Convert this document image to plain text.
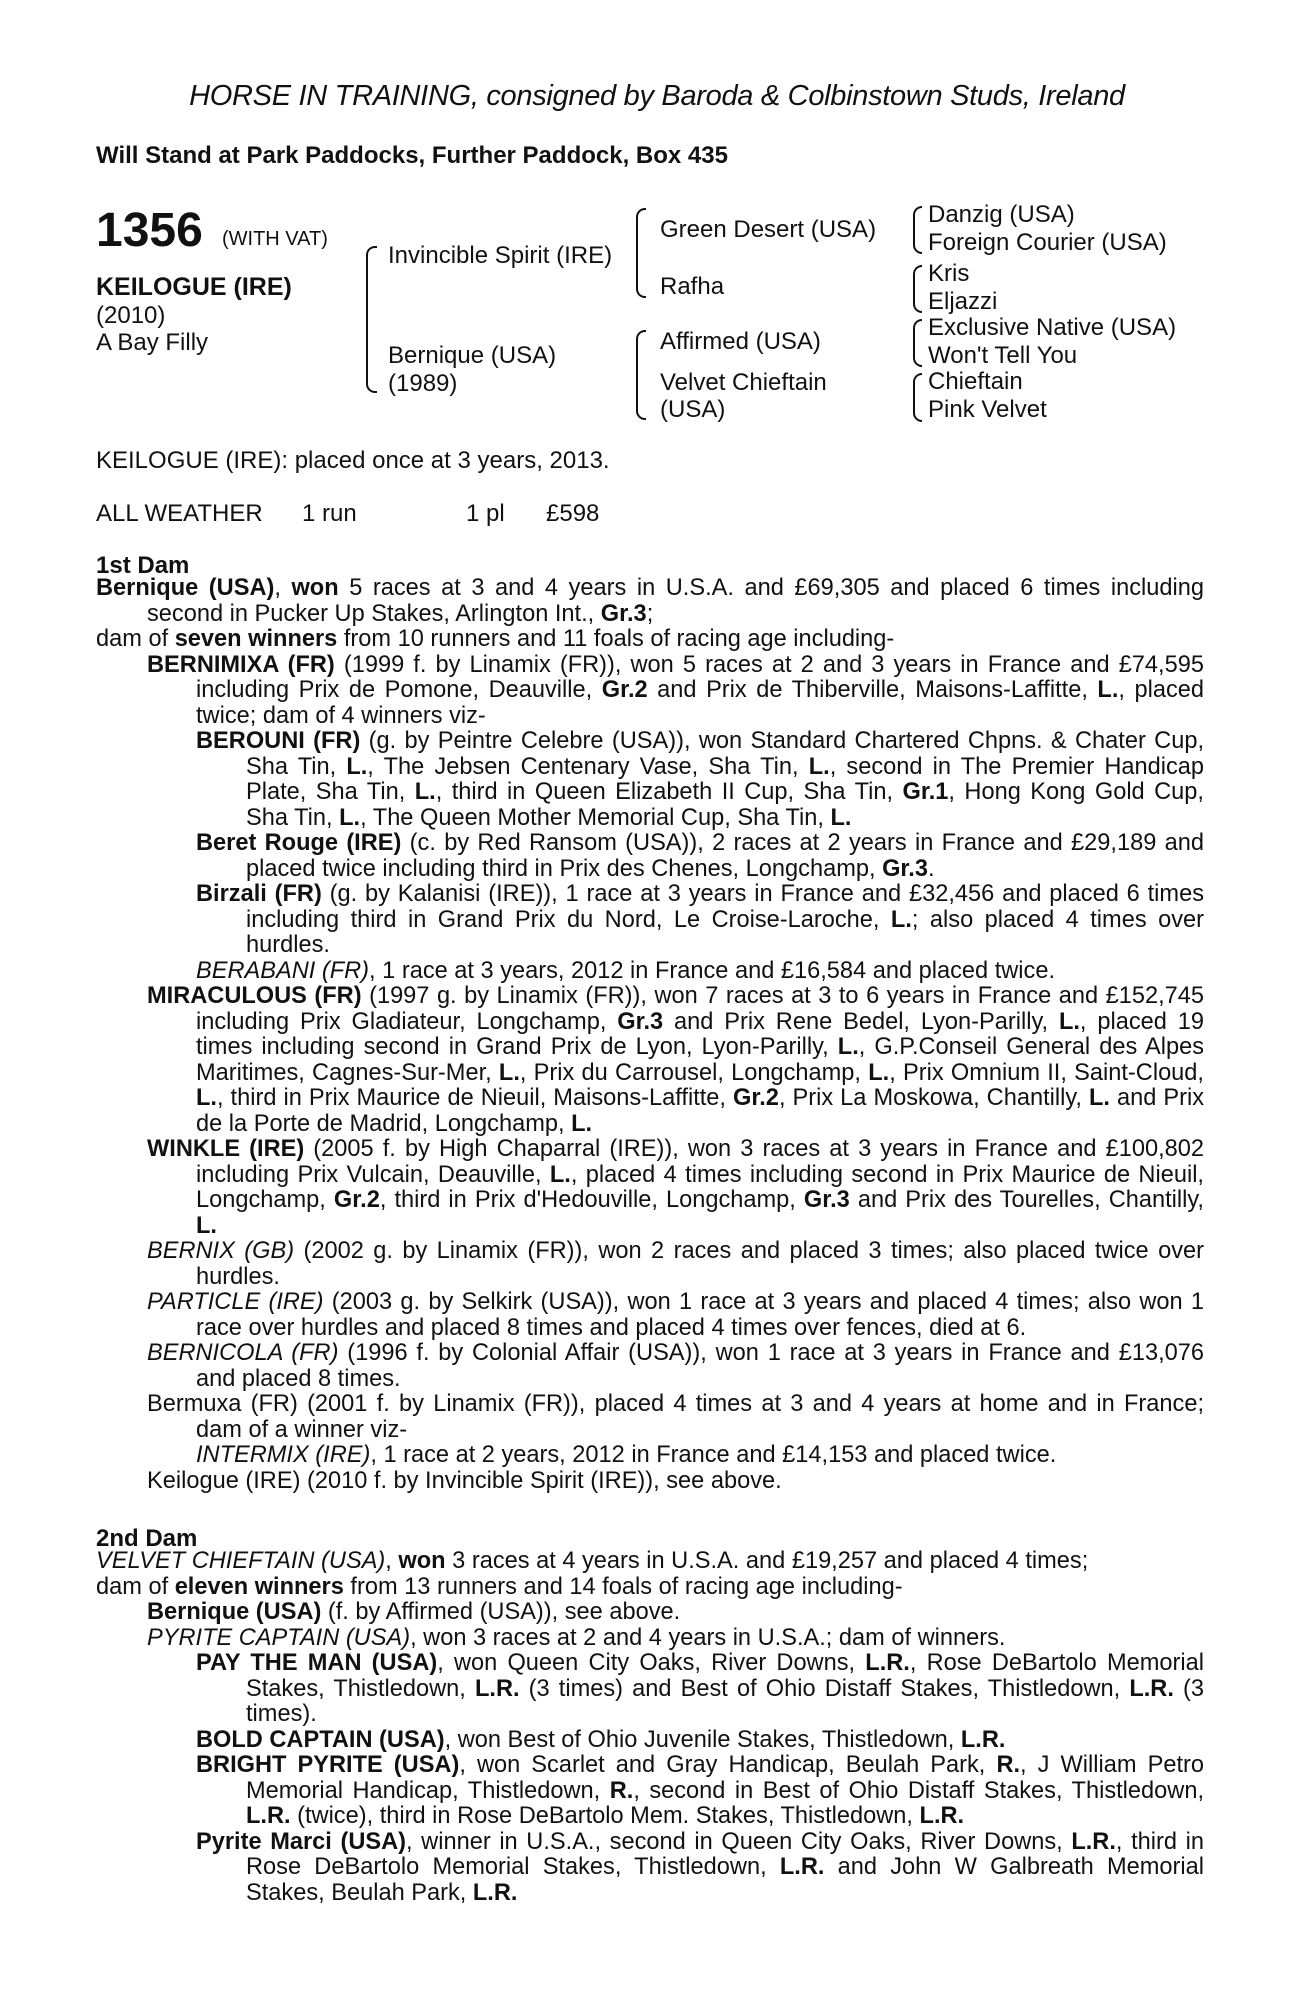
HORSE IN TRAINING, consigned by Baroda & Colbinstown Studs, Ireland
Will Stand at Park Paddocks, Further Paddock, Box 435
1356 (WITH VAT)
KEILOGUE (IRE)
(2010)
A Bay Filly
Invincible Spirit (IRE)
Bernique (USA)
(1989)
Green Desert (USA)
Rafha
Affirmed (USA)
Velvet Chieftain
(USA)
Danzig (USA)
Foreign Courier (USA)
Kris
Eljazzi
Exclusive Native (USA)
Won't Tell You
Chieftain
Pink Velvet
KEILOGUE (IRE): placed once at 3 years, 2013.
ALL WEATHER 1 run	1 pl £598
1st Dam
Bernique (USA), won 5 races at 3 and 4 years in U.S.A. and £69,305 and placed 6 times including second in Pucker Up Stakes, Arlington Int., Gr.3;
dam of seven winners from 10 runners and 11 foals of racing age including-
BERNIMIXA (FR) (1999 f. by Linamix (FR)), won 5 races at 2 and 3 years in France and £74,595 including Prix de Pomone, Deauville, Gr.2 and Prix de Thiberville, Maisons-Laffitte, L., placed twice; dam of 4 winners viz-
BEROUNI (FR) (g. by Peintre Celebre (USA)), won Standard Chartered Chpns. & Chater Cup, Sha Tin, L., The Jebsen Centenary Vase, Sha Tin, L., second in The Premier Handicap Plate, Sha Tin, L., third in Queen Elizabeth II Cup, Sha Tin, Gr.1, Hong Kong Gold Cup, Sha Tin, L., The Queen Mother Memorial Cup, Sha Tin, L.
Beret Rouge (IRE) (c. by Red Ransom (USA)), 2 races at 2 years in France and £29,189 and placed twice including third in Prix des Chenes, Longchamp, Gr.3.
Birzali (FR) (g. by Kalanisi (IRE)), 1 race at 3 years in France and £32,456 and placed 6 times including third in Grand Prix du Nord, Le Croise-Laroche, L.; also placed 4 times over hurdles.
BERABANI (FR), 1 race at 3 years, 2012 in France and £16,584 and placed twice.
MIRACULOUS (FR) (1997 g. by Linamix (FR)), won 7 races at 3 to 6 years in France and £152,745 including Prix Gladiateur, Longchamp, Gr.3 and Prix Rene Bedel, Lyon-Parilly, L., placed 19 times including second in Grand Prix de Lyon, Lyon-Parilly, L., G.P.Conseil General des Alpes Maritimes, Cagnes-Sur-Mer, L., Prix du Carrousel, Longchamp, L., Prix Omnium II, Saint-Cloud, L., third in Prix Maurice de Nieuil, Maisons-Laffitte, Gr.2, Prix La Moskowa, Chantilly, L. and Prix de la Porte de Madrid, Longchamp, L.
WINKLE (IRE) (2005 f. by High Chaparral (IRE)), won 3 races at 3 years in France and £100,802 including Prix Vulcain, Deauville, L., placed 4 times including second in Prix Maurice de Nieuil, Longchamp, Gr.2, third in Prix d'Hedouville, Longchamp, Gr.3 and Prix des Tourelles, Chantilly, L.
BERNIX (GB) (2002 g. by Linamix (FR)), won 2 races and placed 3 times; also placed twice over hurdles.
PARTICLE (IRE) (2003 g. by Selkirk (USA)), won 1 race at 3 years and placed 4 times; also won 1 race over hurdles and placed 8 times and placed 4 times over fences, died at 6.
BERNICOLA (FR) (1996 f. by Colonial Affair (USA)), won 1 race at 3 years in France and £13,076 and placed 8 times.
Bermuxa (FR) (2001 f. by Linamix (FR)), placed 4 times at 3 and 4 years at home and in France; dam of a winner viz-
INTERMIX (IRE), 1 race at 2 years, 2012 in France and £14,153 and placed twice.
Keilogue (IRE) (2010 f. by Invincible Spirit (IRE)), see above.
2nd Dam
VELVET CHIEFTAIN (USA), won 3 races at 4 years in U.S.A. and £19,257 and placed 4 times;
dam of eleven winners from 13 runners and 14 foals of racing age including-
Bernique (USA) (f. by Affirmed (USA)), see above.
PYRITE CAPTAIN (USA), won 3 races at 2 and 4 years in U.S.A.; dam of winners.
PAY THE MAN (USA), won Queen City Oaks, River Downs, L.R., Rose DeBartolo Memorial Stakes, Thistledown, L.R. (3 times) and Best of Ohio Distaff Stakes, Thistledown, L.R. (3 times).
BOLD CAPTAIN (USA), won Best of Ohio Juvenile Stakes, Thistledown, L.R.
BRIGHT PYRITE (USA), won Scarlet and Gray Handicap, Beulah Park, R., J William Petro Memorial Handicap, Thistledown, R., second in Best of Ohio Distaff Stakes, Thistledown, L.R. (twice), third in Rose DeBartolo Mem. Stakes, Thistledown, L.R.
Pyrite Marci (USA), winner in U.S.A., second in Queen City Oaks, River Downs, L.R., third in Rose DeBartolo Memorial Stakes, Thistledown, L.R. and John W Galbreath Memorial Stakes, Beulah Park, L.R.
